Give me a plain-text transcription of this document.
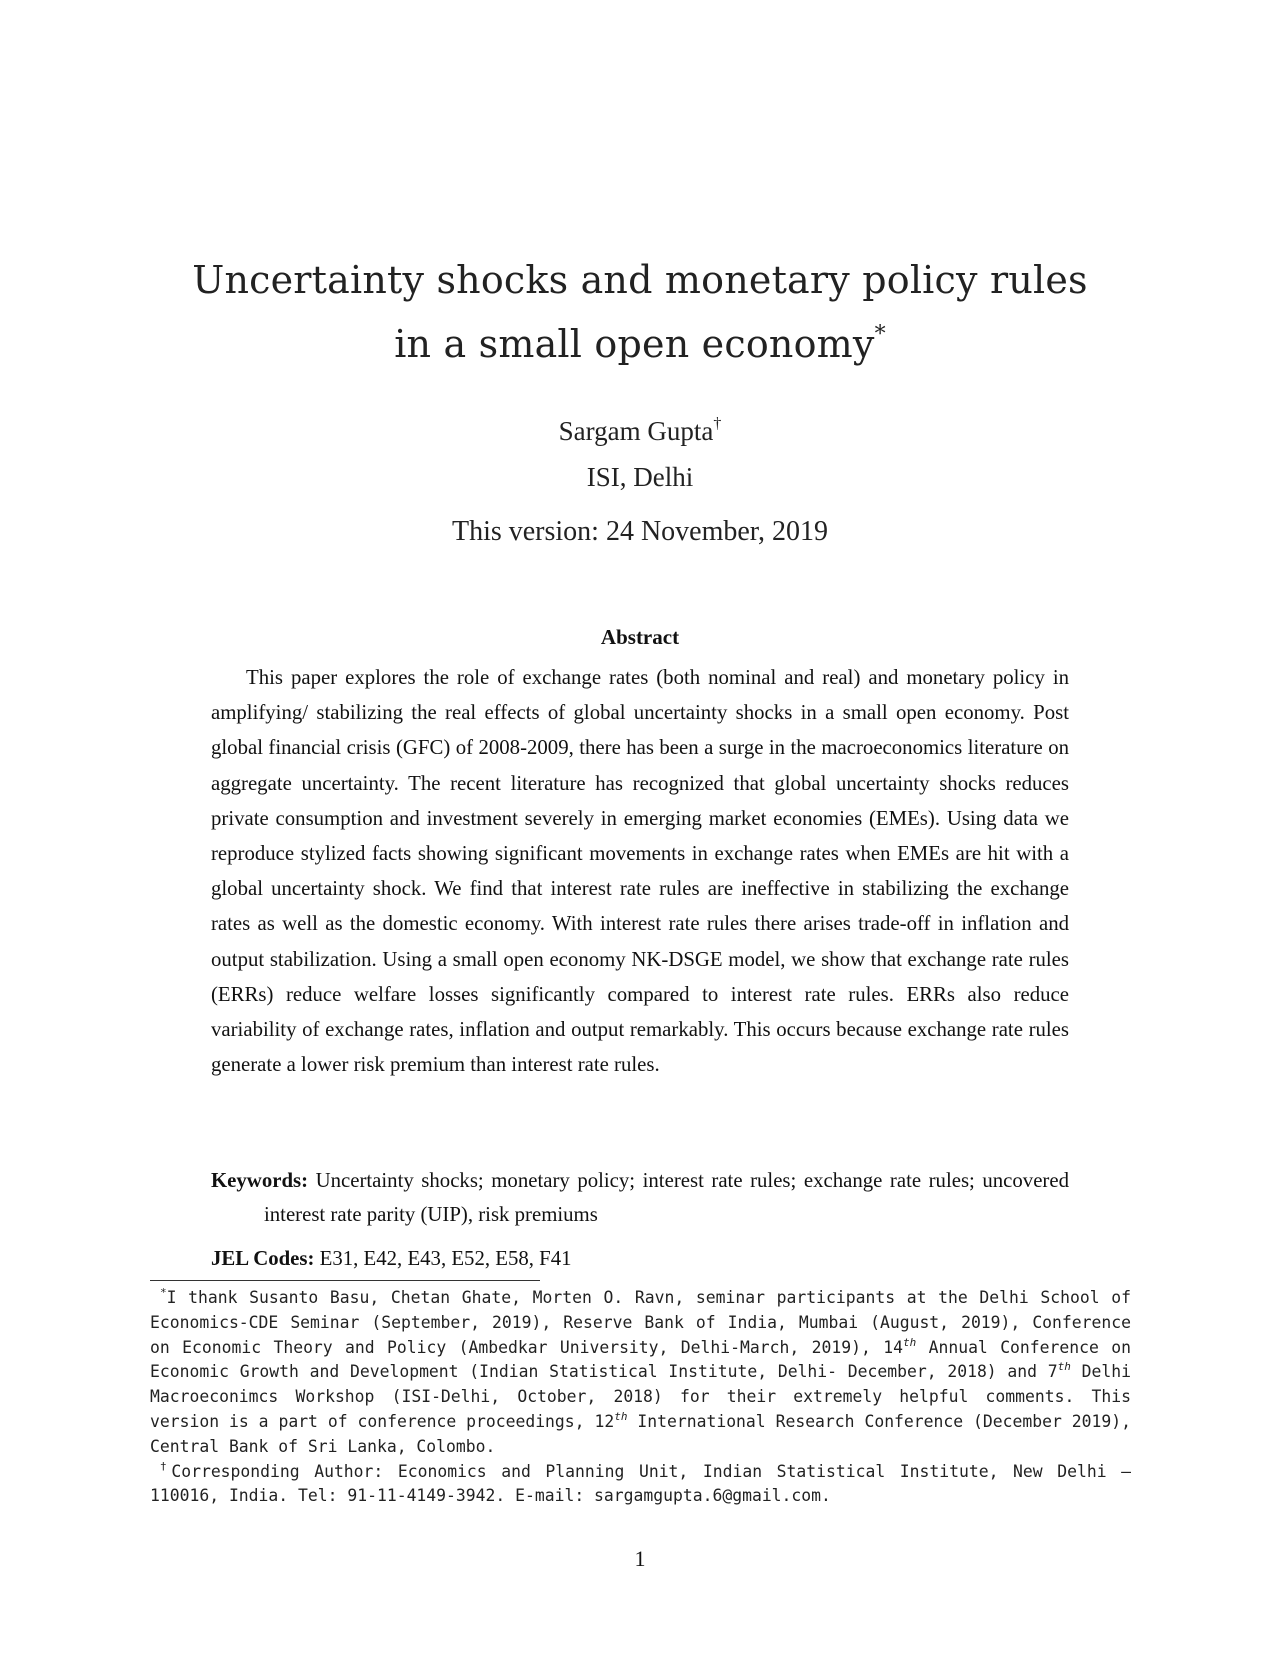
Uncertainty shocks and monetary policy rules
in a small open economy*
Sargam Gupta†
ISI, Delhi
This version: 24 November, 2019
Abstract

This paper explores the role of exchange rates (both nominal and real) and monetary policy in amplifying/ stabilizing the real effects of global uncertainty shocks in a small open economy. Post global financial crisis (GFC) of 2008-2009, there has been a surge in the macroeconomics literature on aggregate uncertainty. The recent literature has recognized that global uncertainty shocks reduces private consumption and investment severely in emerging market economies (EMEs). Using data we reproduce stylized facts showing significant movements in exchange rates when EMEs are hit with a global uncertainty shock. We find that interest rate rules are ineffective in stabilizing the exchange rates as well as the domestic economy. With interest rate rules there arises trade-off in inflation and output stabilization. Using a small open economy NK-DSGE model, we show that exchange rate rules (ERRs) reduce welfare losses significantly compared to interest rate rules. ERRs also reduce variability of exchange rates, inflation and output remarkably. This occurs because exchange rate rules generate a lower risk premium than interest rate rules.

Keywords: Uncertainty shocks; monetary policy; interest rate rules; exchange rate rules; uncovered interest rate parity (UIP), risk premiums

JEL Codes: E31, E42, E43, E52, E58, F41

*I thank Susanto Basu, Chetan Ghate, Morten O. Ravn, seminar participants at the Delhi School of Economics-CDE Seminar (September, 2019), Reserve Bank of India, Mumbai (August, 2019), Conference on Economic Theory and Policy (Ambedkar University, Delhi-March, 2019), 14th Annual Conference on Economic Growth and Development (Indian Statistical Institute, Delhi- December, 2018) and 7th Delhi Macroeconimcs Workshop (ISI-Delhi, October, 2018) for their extremely helpful comments. This version is a part of conference proceedings, 12th International Research Conference (December 2019), Central Bank of Sri Lanka, Colombo.

†Corresponding Author: Economics and Planning Unit, Indian Statistical Institute, New Delhi – 110016, India. Tel: 91-11-4149-3942. E-mail: sargamgupta.6@gmail.com.

1
